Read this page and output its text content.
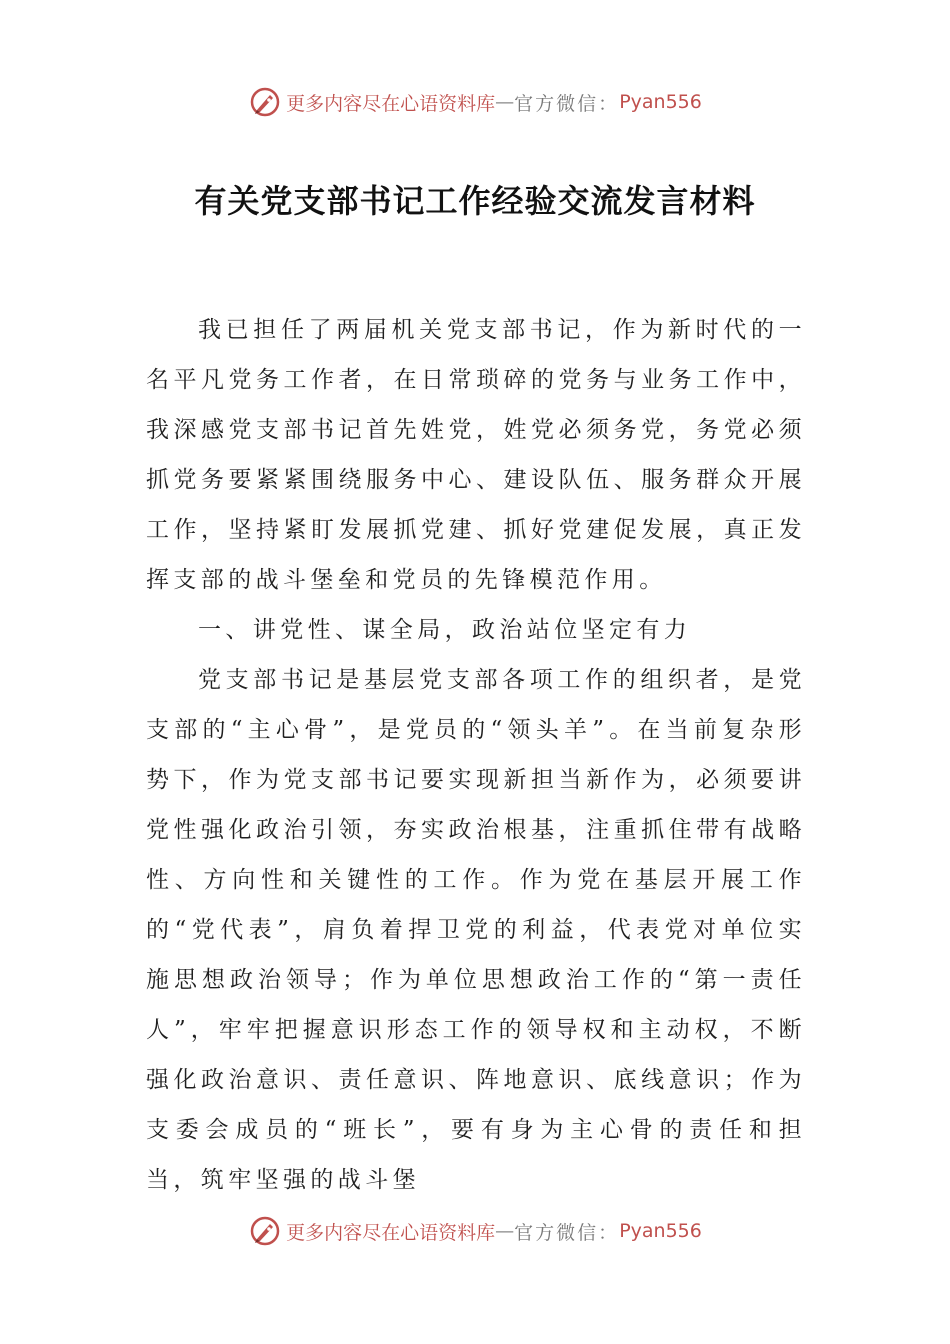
更多内容尽在心语资料库 — 官方微信： Pyan556
有关党支部书记工作经验交流发言材料

我已担任了两届机关党支部书记，作为新时代的一名平凡党务工作者，在日常琐碎的党务与业务工作中，我深感党支部书记首先姓党，姓党必须务党，务党必须抓党务要紧紧围绕服务中心、建设队伍、服务群众开展工作，坚持紧盯发展抓党建、抓好党建促发展，真正发挥支部的战斗堡垒和党员的先锋模范作用。

一、讲党性、谋全局，政治站位坚定有力

党支部书记是基层党支部各项工作的组织者，是党支部的“主心骨”，是党员的“领头羊”。在当前复杂形势下，作为党支部书记要实现新担当新作为，必须要讲党性强化政治引领，夯实政治根基，注重抓住带有战略性、方向性和关键性的工作。作为党在基层开展工作的“党代表”，肩负着捍卫党的利益，代表党对单位实施思想政治领导；作为单位思想政治工作的“第一责任人”，牢牢把握意识形态工作的领导权和主动权，不断强化政治意识、责任意识、阵地意识、底线意识；作为支委会成员的“班长”，要有身为主心骨的责任和担当，筑牢坚强的战斗堡

更多内容尽在心语资料库 — 官方微信： Pyan556
